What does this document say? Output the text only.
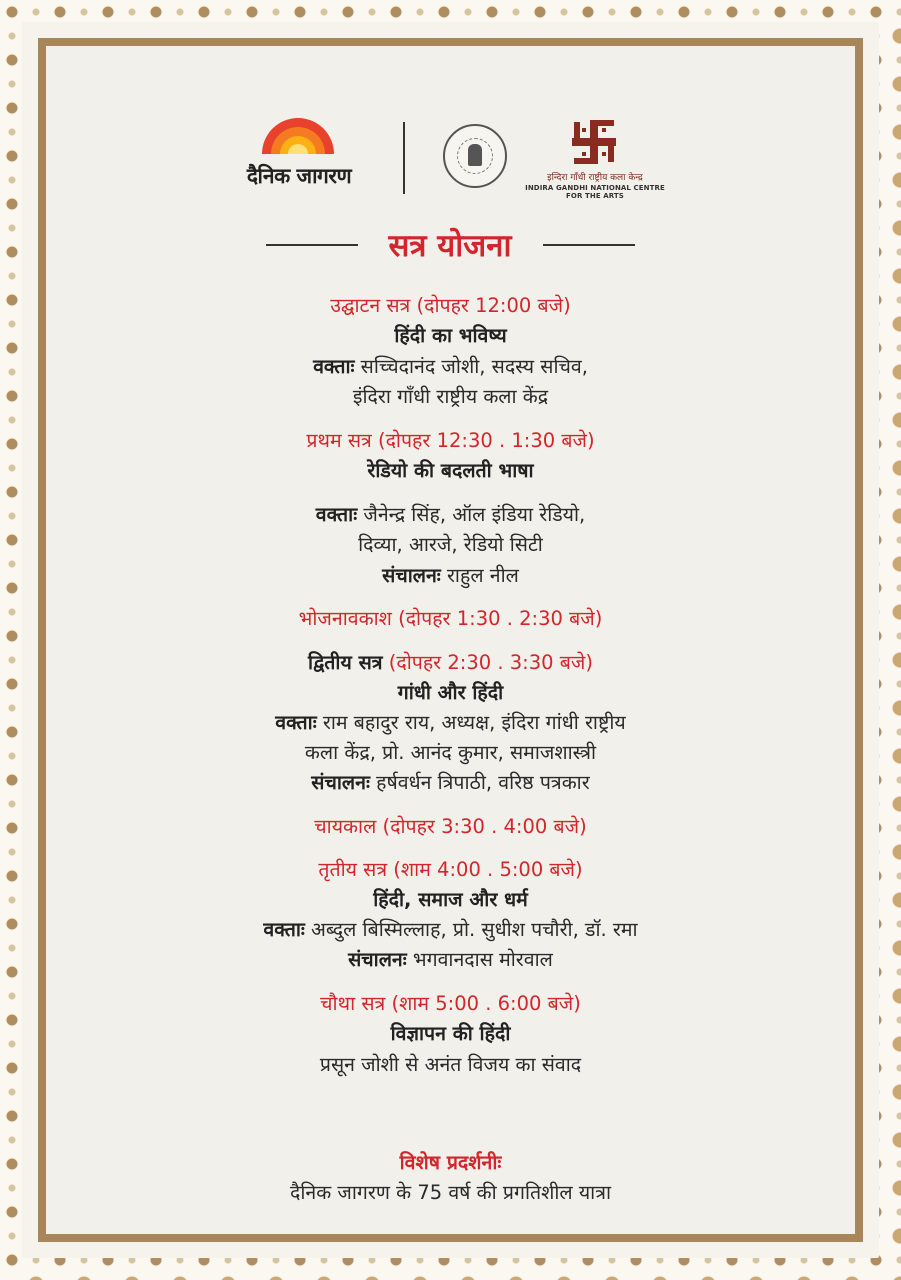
दैनिक जागरण	इन्दिरा गाँधी राष्ट्रीय कला केन्द्र
INDIRA GANDHI NATIONAL CENTRE FOR THE ARTS
सत्र योजना
उद्घाटन सत्र (दोपहर 12:00 बजे)
हिंदी का भविष्य
वक्ताः सच्चिदानंद जोशी, सदस्य सचिव,
इंदिरा गाँधी राष्ट्रीय कला केंद्र
प्रथम सत्र (दोपहर 12:30 . 1:30 बजे)
रेडियो की बदलती भाषा
वक्ताः जैनेन्द्र सिंह, ऑल इंडिया रेडियो,
दिव्या, आरजे, रेडियो सिटी
संचालनः राहुल नील
भोजनावकाश (दोपहर 1:30 . 2:30 बजे)
द्वितीय सत्र (दोपहर 2:30 . 3:30 बजे)
गांधी और हिंदी
वक्ताः राम बहादुर राय, अध्यक्ष, इंदिरा गांधी राष्ट्रीय
कला केंद्र, प्रो. आनंद कुमार, समाजशास्त्री
संचालनः हर्षवर्धन त्रिपाठी, वरिष्ठ पत्रकार
चायकाल (दोपहर 3:30 . 4:00 बजे)
तृतीय सत्र (शाम 4:00 . 5:00 बजे)
हिंदी, समाज और धर्म
वक्ताः अब्दुल बिस्मिल्लाह, प्रो. सुधीश पचौरी, डॉ. रमा
संचालनः भगवानदास मोरवाल
चौथा सत्र (शाम 5:00 . 6:00 बजे)
विज्ञापन की हिंदी
प्रसून जोशी से अनंत विजय का संवाद
विशेष प्रदर्शनीः
दैनिक जागरण के 75 वर्ष की प्रगतिशील यात्रा
